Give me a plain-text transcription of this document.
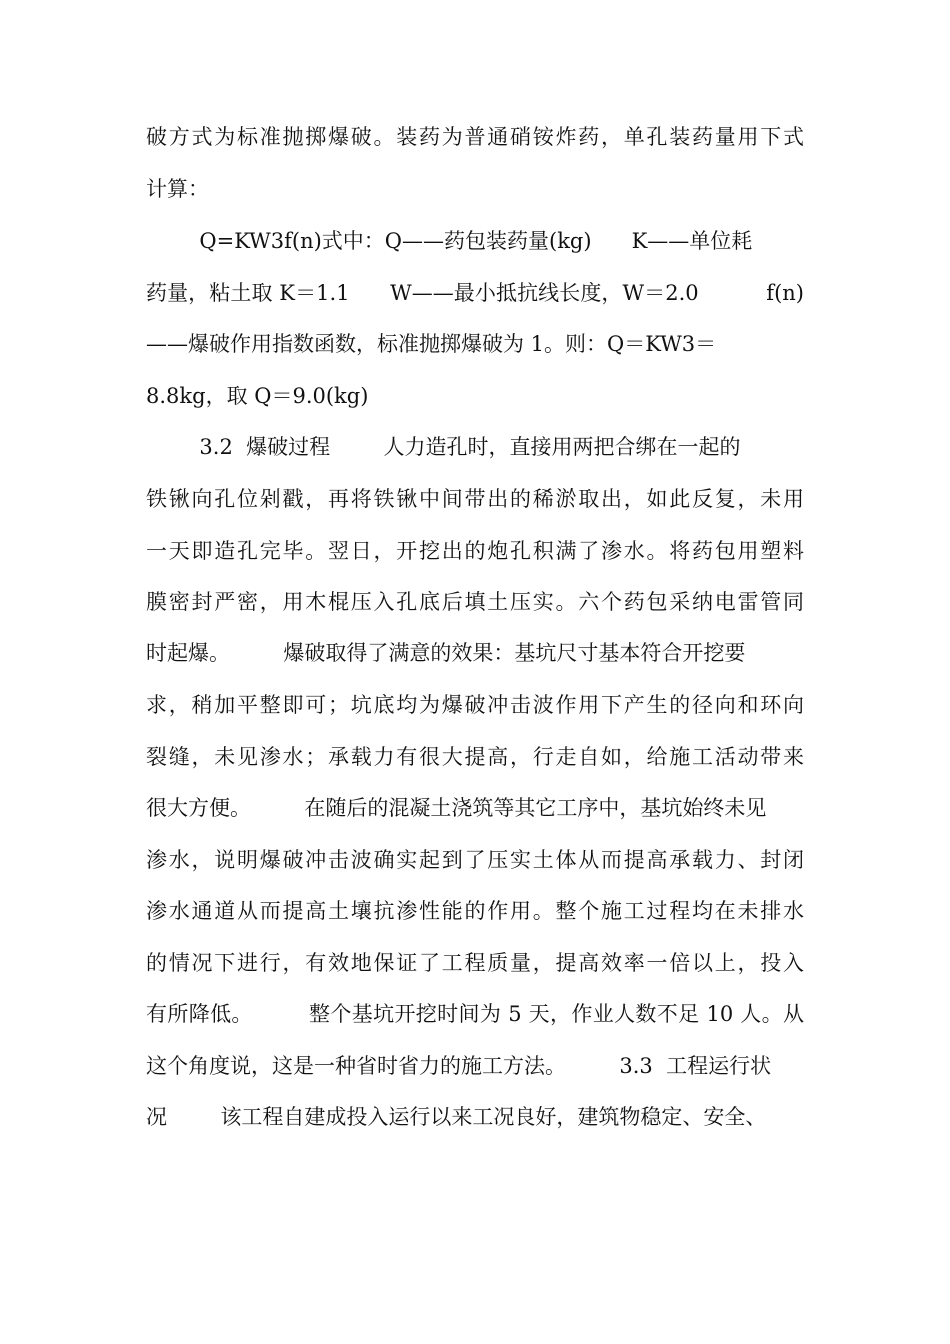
破方式为标准抛掷爆破。装药为普通硝铵炸药，单孔装药量用下式
计算：
Q=KW3f(n)式中：Q——药包装药量(kg)      K——单位耗
药量，粘土取 K＝1.1      W——最小抵抗线长度，W＝2.0          f(n)
——爆破作用指数函数，标准抛掷爆破为 1。则：Q＝KW3＝
8.8kg，取 Q＝9.0(kg)
3.2  爆破过程        人力造孔时，直接用两把合绑在一起的
铁锹向孔位剁戳，再将铁锹中间带出的稀淤取出，如此反复，未用
一天即造孔完毕。翌日，开挖出的炮孔积满了渗水。将药包用塑料
膜密封严密，用木棍压入孔底后填土压实。六个药包采纳电雷管同
时起爆。        爆破取得了满意的效果：基坑尺寸基本符合开挖要
求，稍加平整即可；坑底均为爆破冲击波作用下产生的径向和环向
裂缝，未见渗水；承载力有很大提高，行走自如，给施工活动带来
很大方便。        在随后的混凝土浇筑等其它工序中，基坑始终未见
渗水，说明爆破冲击波确实起到了压实土体从而提高承载力、封闭
渗水通道从而提高土壤抗渗性能的作用。整个施工过程均在未排水
的情况下进行，有效地保证了工程质量，提高效率一倍以上，投入
有所降低。        整个基坑开挖时间为 5 天，作业人数不足 10 人。从
这个角度说，这是一种省时省力的施工方法。        3.3  工程运行状
况        该工程自建成投入运行以来工况良好，建筑物稳定、安全、
